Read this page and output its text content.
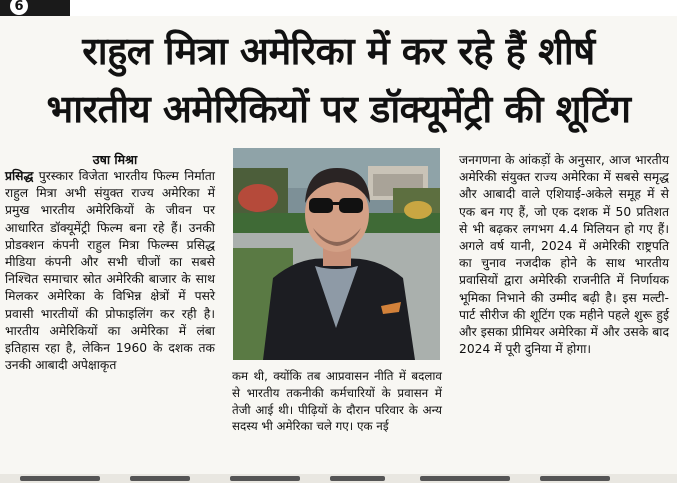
6
राहुल मित्रा अमेरिका में कर रहे हैं शीर्ष
भारतीय अमेरिकियों पर डॉक्यूमेंट्री की शूटिंग
उषा मिश्रा
प्रसिद्ध पुरस्कार विजेता भारतीय फिल्म निर्माता राहुल मित्रा अभी संयुक्त राज्य अमेरिका में प्रमुख भारतीय अमेरिकियों के जीवन पर आधारित डॉक्यूमेंट्री फिल्म बना रहे हैं। उनकी प्रोडक्शन कंपनी राहुल मित्रा फिल्म्स प्रसिद्ध मीडिया कंपनी और सभी चीजों का सबसे निश्चित समाचार स्रोत अमेरिकी बाजार के साथ मिलकर अमेरिका के विभिन्न क्षेत्रों में पसरे प्रवासी भारतीयों की प्रोफाइलिंग कर रही है। भारतीय अमेरिकियों का अमेरिका में लंबा इतिहास रहा है, लेकिन 1960 के दशक तक उनकी आबादी अपेक्षाकृत
कम थी, क्योंकि तब आप्रवासन नीति में बदलाव से भारतीय तकनीकी कर्मचारियों के प्रवासन में तेजी आई थी। पीढ़ियों के दौरान परिवार के अन्य सदस्य भी अमेरिका चले गए। एक नई
जनगणना के आंकड़ों के अनुसार, आज भारतीय अमेरिकी संयुक्त राज्य अमेरिका में सबसे समृद्ध और आबादी वाले एशियाई-अकेले समूह में से एक बन गए हैं, जो एक दशक में 50 प्रतिशत से भी बढ़कर लगभग 4.4 मिलियन हो गए हैं। अगले वर्ष यानी, 2024 में अमेरिकी राष्ट्रपति का चुनाव नजदीक होने के साथ भारतीय प्रवासियों द्वारा अमेरिकी राजनीति में निर्णायक भूमिका निभाने की उम्मीद बढ़ी है। इस मल्टी-पार्ट सीरीज की शूटिंग एक महीने पहले शुरू हुई और इसका प्रीमियर अमेरिका में और उसके बाद 2024 में पूरी दुनिया में होगा।
